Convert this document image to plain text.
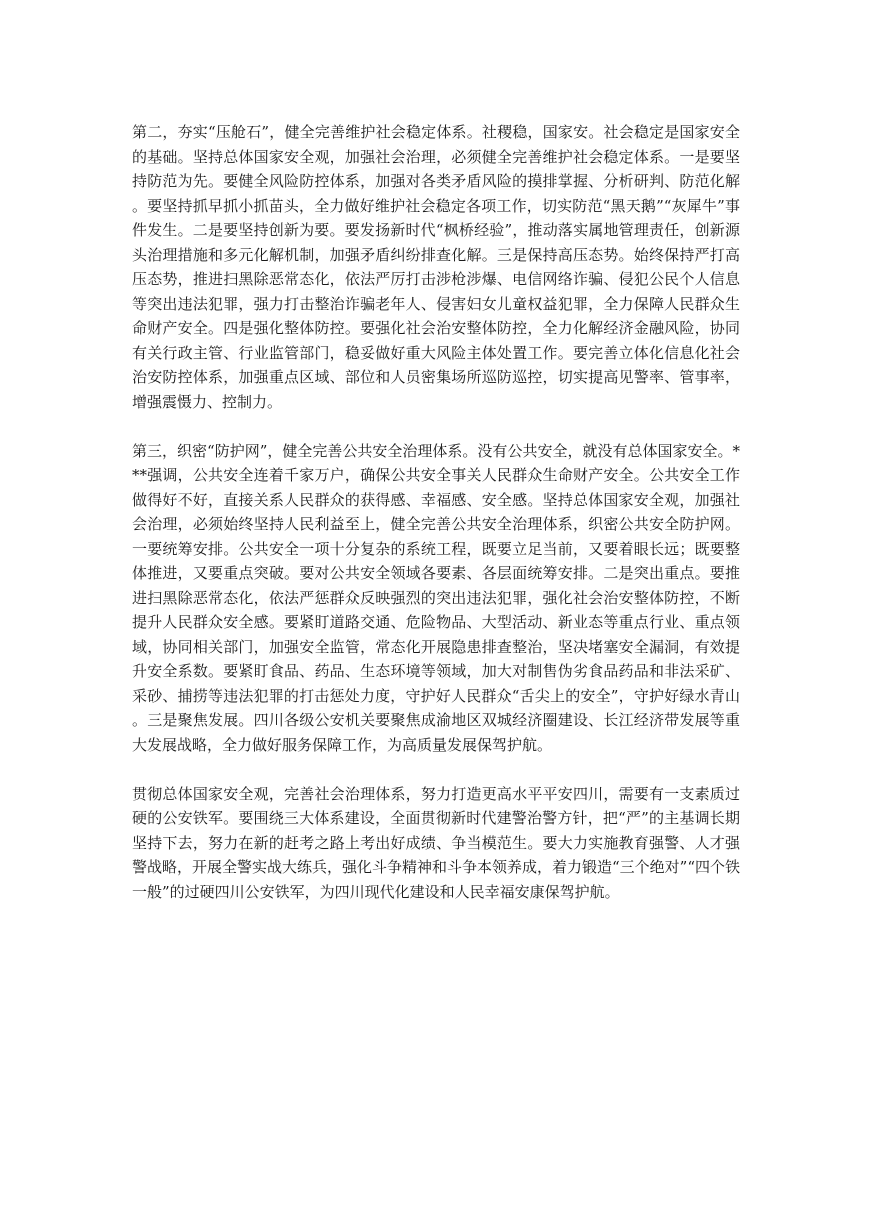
第二，夯实“压舱石”，健全完善维护社会稳定体系。社稷稳，国家安。社会稳定是国家安全的基础。坚持总体国家安全观，加强社会治理，必须健全完善维护社会稳定体系。一是要坚持防范为先。要健全风险防控体系，加强对各类矛盾风险的摸排掌握、分析研判、防范化解。要坚持抓早抓小抓苗头，全力做好维护社会稳定各项工作，切实防范“黑天鹅”“灰犀牛”事件发生。二是要坚持创新为要。要发扬新时代“枫桥经验”，推动落实属地管理责任，创新源头治理措施和多元化解机制，加强矛盾纠纷排查化解。三是保持高压态势。始终保持严打高压态势，推进扫黑除恶常态化，依法严厉打击涉枪涉爆、电信网络诈骗、侵犯公民个人信息等突出违法犯罪，强力打击整治诈骗老年人、侵害妇女儿童权益犯罪，全力保障人民群众生命财产安全。四是强化整体防控。要强化社会治安整体防控，全力化解经济金融风险，协同有关行政主管、行业监管部门，稳妥做好重大风险主体处置工作。要完善立体化信息化社会治安防控体系，加强重点区域、部位和人员密集场所巡防巡控，切实提高见警率、管事率，增强震慑力、控制力。

第三，织密“防护网”，健全完善公共安全治理体系。没有公共安全，就没有总体国家安全。***强调，公共安全连着千家万户，确保公共安全事关人民群众生命财产安全。公共安全工作做得好不好，直接关系人民群众的获得感、幸福感、安全感。坚持总体国家安全观，加强社会治理，必须始终坚持人民利益至上，健全完善公共安全治理体系，织密公共安全防护网。一要统筹安排。公共安全一项十分复杂的系统工程，既要立足当前，又要着眼长远；既要整体推进，又要重点突破。要对公共安全领域各要素、各层面统筹安排。二是突出重点。要推进扫黑除恶常态化，依法严惩群众反映强烈的突出违法犯罪，强化社会治安整体防控，不断提升人民群众安全感。要紧盯道路交通、危险物品、大型活动、新业态等重点行业、重点领域，协同相关部门，加强安全监管，常态化开展隐患排查整治，坚决堵塞安全漏洞，有效提升安全系数。要紧盯食品、药品、生态环境等领域，加大对制售伪劣食品药品和非法采矿、采砂、捕捞等违法犯罪的打击惩处力度，守护好人民群众“舌尖上的安全”，守护好绿水青山。三是聚焦发展。四川各级公安机关要聚焦成渝地区双城经济圈建设、长江经济带发展等重大发展战略，全力做好服务保障工作，为高质量发展保驾护航。

贯彻总体国家安全观，完善社会治理体系，努力打造更高水平平安四川，需要有一支素质过硬的公安铁军。要围绕三大体系建设，全面贯彻新时代建警治警方针，把“严”的主基调长期坚持下去，努力在新的赶考之路上考出好成绩、争当模范生。要大力实施教育强警、人才强警战略，开展全警实战大练兵，强化斗争精神和斗争本领养成，着力锻造“三个绝对”“四个铁一般”的过硬四川公安铁军，为四川现代化建设和人民幸福安康保驾护航。
